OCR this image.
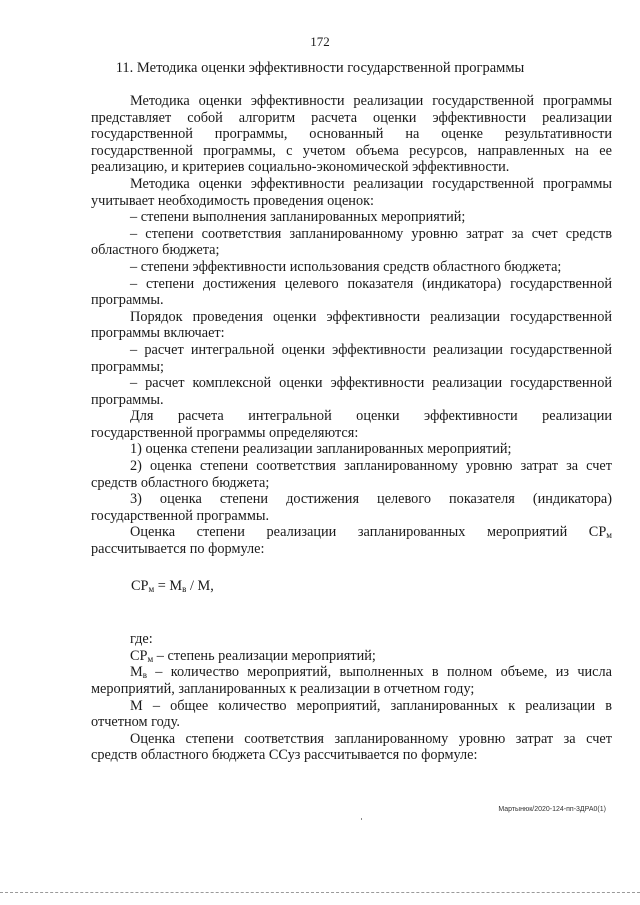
172
11. Методика оценки эффективности государственной программы

Методика оценки эффективности реализации государственной программы представляет собой алгоритм расчета оценки эффективности реализации государственной программы, основанный на оценке результативности государственной программы, с учетом объема ресурсов, направленных на ее реализацию, и критериев социально-экономической эффективности.

Методика оценки эффективности реализации государственной программы учитывает необходимость проведения оценок:

– степени выполнения запланированных мероприятий;

– степени соответствия запланированному уровню затрат за счет средств областного бюджета;

– степени эффективности использования средств областного бюджета;

– степени достижения целевого показателя (индикатора) государственной программы.

Порядок проведения оценки эффективности реализации государственной программы включает:

– расчет интегральной оценки эффективности реализации государственной программы;

– расчет комплексной оценки эффективности реализации государственной программы.

Для расчета интегральной оценки эффективности реализации государственной программы определяются:

1) оценка степени реализации запланированных мероприятий;

2) оценка степени соответствия запланированному уровню затрат за счет средств областного бюджета;

3) оценка степени достижения целевого показателя (индикатора) государственной программы.

Оценка степени реализации запланированных мероприятий $СР_м$
рассчитывается по формуле:

$СР_м = М_в / М$,

где:

$СР_м$ – степень реализации мероприятий;

$М_в$ – количество мероприятий, выполненных в полном объеме, из числа мероприятий, запланированных к реализации в отчетном году;

М – общее количество мероприятий, запланированных к реализации в отчетном году.

Оценка степени соответствия запланированному уровню затрат за счет средств областного бюджета ССуз рассчитывается по формуле:

Мартынюк/2020-124-пп-3ДРА0(1)
